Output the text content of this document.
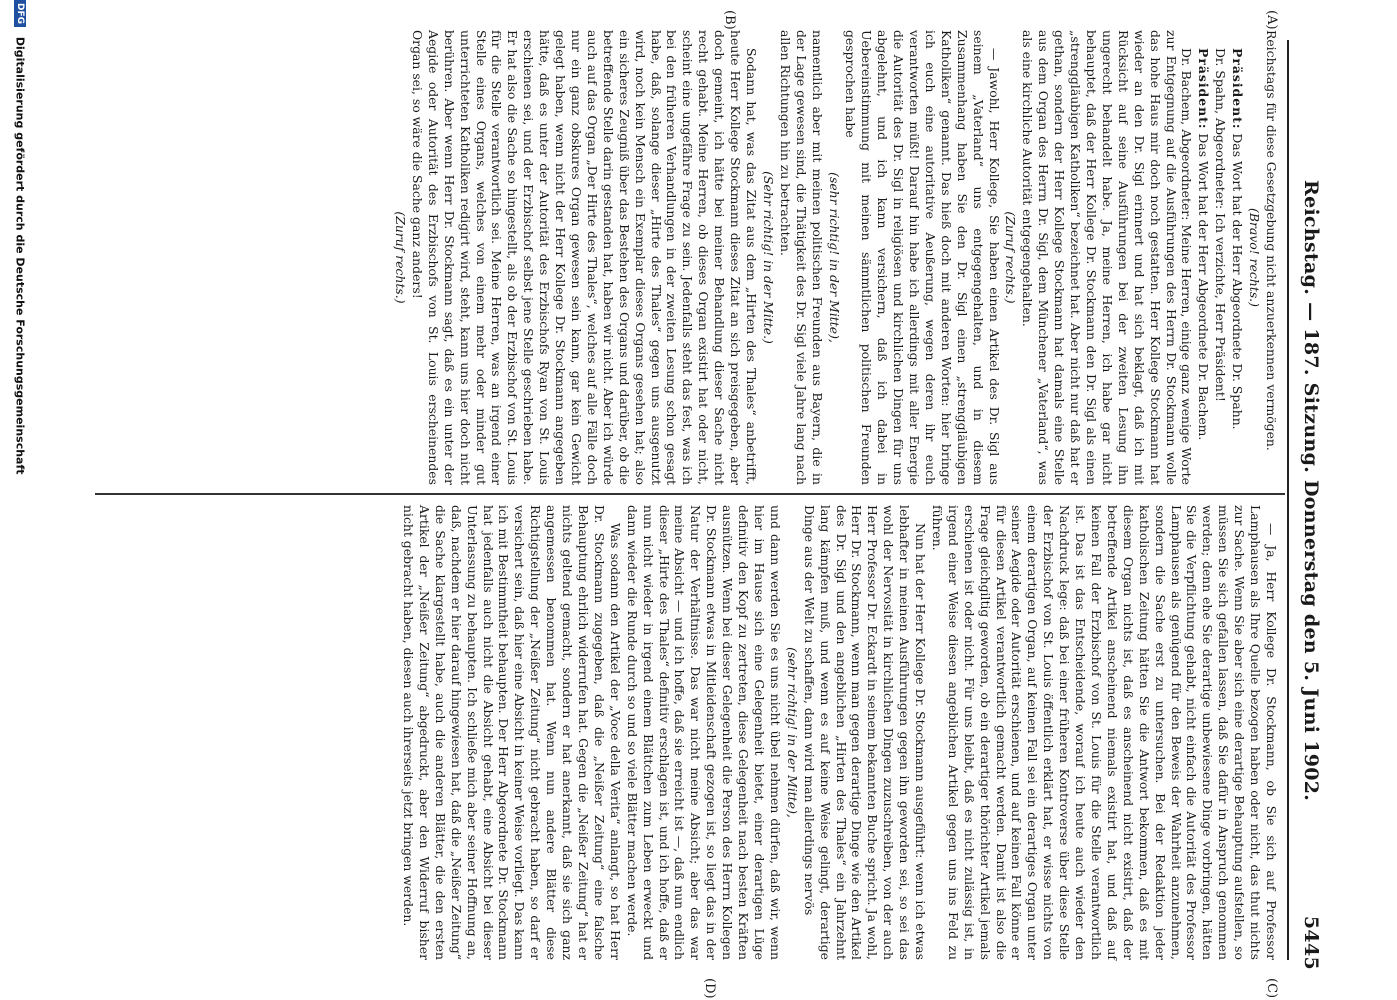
Reichstag. — 187. Sitzung. Donnerstag den 5. Juni 1902.
5445
(A)
(B)
(C)
(D)

Reichstags für diese Gesetzgebung nicht anzuerkennen vermögen.

(Bravo! rechts.)

Präsident: Das Wort hat der Herr Abgeordnete Dr. Spahn.

Dr. Spahn, Abgeordneter: Ich verzichte, Herr Präsident!

Präsident: Das Wort hat der Herr Abgeordnete Dr. Bachem.

Dr. Bachem, Abgeordneter: Meine Herren, einige ganz wenige Worte zur Entgegnung auf die Ausführungen des Herrn Dr. Stockmann wolle das hohe Haus mir doch noch gestatten. Herr Kollege Stockmann hat wieder an den Dr. Sigl erinnert und hat sich beklagt, daß ich mit Rücksicht auf seine Ausführungen bei der zweiten Lesung ihn ungerecht behandelt habe. Ja, meine Herren, ich habe gar nicht behauptet, daß der Herr Kollege Dr. Stockmann den Dr. Sigl als einen „strenggläubigen Katholiken“ bezeichnet hat. Aber nicht nur daß hat er gethan, sondern der Herr Kollege Stockmann hat damals eine Stelle aus dem Organ des Herrn Dr. Sigl, dem Münchener „Vaterland“, was als eine kirchliche Autorität entgegengehalten.

(Zuruf rechts.)

— Jawohl, Herr Kollege, Sie haben einen Artikel des Dr. Sigl aus seinem „Vaterland“ uns entgegengehalten, und in diesem Zusammenhang haben Sie den Dr. Sigl einen „strenggläubigen Katholiken“ genannt. Das hieß doch mit anderen Worten: hier bringe ich euch eine autoritative Aeußerung, wegen deren ihr euch verantworten müßt! Darauf hin habe ich allerdings mit aller Energie die Autorität des Dr. Sigl in religiösen und kirchlichen Dingen für uns abgelehnt, und ich kann versichern, daß ich dabei in Uebereinstimmung mit meinen sämmtlichen politischen Freunden gesprochen habe

(sehr richtig! in der Mitte),

namentlich aber mit meinen politischen Freunden aus Bayern, die in der Lage gewesen sind, die Thätigkeit des Dr. Sigl viele Jahre lang nach allen Richtungen hin zu betrachten.

(Sehr richtig! in der Mitte.)

Sodann hat, was das Zitat aus dem „Hirten des Thales“ anbetrifft, heute Herr Kollege Stockmann dieses Zitat an sich preisgegeben, aber doch gemeint, ich hätte bei meiner Behandlung dieser Sache nicht recht gehabt. Meine Herren, ob dieses Organ existirt hat oder nicht, scheint eine ungefähre Frage zu sein. Jedenfalls steht das fest, was ich bei den früheren Verhandlungen in der zweiten Lesung schon gesagt habe, daß, solange dieser „Hirte des Thales“ gegen uns ausgenutzt wird, noch kein Mensch ein Exemplar dieses Organs gesehen hat; also ein sicheres Zeugniß über das Bestehen des Organs und darüber, ob die betreffende Stelle darin gestanden hat, haben wir nicht. Aber ich würde auch auf das Organ „Der Hirte des Thales“, welches auf alle Fälle doch nur ein ganz obskures Organ gewesen sein kann, gar kein Gewicht gelegt haben, wenn nicht der Herr Kollege Dr. Stockmann angegeben hätte, daß es unter der Autorität des Erzbischofs Ryan von St. Louis erschienen sei, und der Erzbischof selbst jene Stelle geschrieben habe. Er hat also die Sache so hingestellt, als ob der Erzbischof von St. Louis für die Stelle verantwortlich sei. Meine Herren, was an irgend einer Stelle eines Organs, welches von einem mehr oder minder gut unterrichteten Katholiken redigirt wird, steht, kann uns hier doch nicht berühren. Aber wenn Herr Dr. Stockmann sagt, daß es ein unter der Aegide oder Autorität des Erzbischofs von St. Louis erscheinendes Organ sei, so wäre die Sache ganz anders!

(Zuruf rechts.)

— Ja, Herr Kollege Dr. Stockmann, ob Sie sich auf Professor Lamphausen als Ihre Quelle bezogen haben oder nicht, das thut nichts zur Sache. Wenn Sie aber sich eine derartige Behauptung aufstellen, so müssen Sie sich gefallen lassen, daß Sie dafür in Anspruch genommen werden; denn ehe Sie derartige unbewiesene Dinge vorbringen, hätten Sie die Verpflichtung gehabt, nicht einfach die Autorität des Professor Lamphausen als genügend für den Beweis der Wahrheit anzunehmen, sondern die Sache erst zu untersuchen. Bei der Redaktion jeder katholischen Zeitung hätten Sie die Antwort bekommen, daß es mit diesem Organ nichts ist, daß es anscheinend nicht existirt, daß der betreffende Artikel anscheinend niemals existirt hat, und daß auf keinen Fall der Erzbischof von St. Louis für die Stelle verantwortlich ist. Das ist das Entscheidende, worauf ich heute auch wieder den Nachdruck lege: daß bei einer früheren Kontroverse über diese Stelle der Erzbischof von St. Louis öffentlich erklärt hat, er wisse nichts von einem derartigen Organ, auf keinen Fall sei ein derartiges Organ unter seiner Aegide oder Autorität erschienen, und auf keinen Fall könne er für diesen Artikel verantwortlich gemacht werden. Damit ist also die Frage gleichgiltig geworden, ob ein derartiger thörichter Artikel jemals erschienen ist oder nicht. Für uns bleibt, daß es nicht zulässig ist, in irgend einer Weise diesen angeblichen Artikel gegen uns ins Feld zu führen.

Nun hat der Herr Kollege Dr. Stockmann ausgeführt: wenn ich etwas lebhafter in meinen Ausführungen gegen ihn geworden sei, so sei das wohl der Nervosität in kirchlichen Dingen zuzuschreiben, von der auch Herr Professor Dr. Eckardt in seinem bekannten Buche spricht. Ja wohl, Herr Dr. Stockmann, wenn man gegen derartige Dinge wie den Artikel des Dr. Sigl und den angeblichen „Hirten des Thales“ ein Jahrzehnt lang kämpfen muß, und wenn es auf keine Weise gelingt, derartige Dinge aus der Welt zu schaffen, dann wird man allerdings nervös

(sehr richtig! in der Mitte),

und dann werden Sie es uns nicht übel nehmen dürfen, daß wir, wenn hier im Hause sich eine Gelegenheit bietet, einer derartigen Lüge definitiv den Kopf zu zertreten, diese Gelegenheit nach besten Kräften ausnützen. Wenn bei dieser Gelegenheit die Person des Herrn Kollegen Dr. Stockmann etwas in Mitleidenschaft gezogen ist, so liegt das in der Natur der Verhältnisse. Das war nicht meine Absicht; aber das war meine Absicht — und ich hoffe, daß sie erreicht ist —, daß nun endlich dieser „Hirte des Thales“ definitiv erschlagen ist, und ich hoffe, daß er nun nicht wieder in irgend einem Blättchen zum Leben erweckt und dann wieder die Runde durch so und so viele Blätter machen werde.

Was sodann den Artikel der „Voce della Verita“ anlangt, so hat Herr Dr. Stockmann zugegeben, daß die „Neißer Zeitung“ eine falsche Behauptung ehrlich widerrufen hat. Gegen die „Neißer Zeitung“ hat er nichts geltend gemacht, sondern er hat anerkannt, daß sie sich ganz angemessen benommen hat. Wenn nun andere Blätter diese Richtigstellung der „Neißer Zeitung“ nicht gebracht haben, so darf er versichert sein, daß hier eine Absicht in keiner Weise vorliegt. Das kann ich mit Bestimmtheit behaupten. Der Herr Abgeordnete Dr. Stockmann hat jedenfalls auch nicht die Absicht gehabt, eine Absicht bei dieser Unterlassung zu behaupten. Ich schließe mich aber seiner Hoffnung an, daß, nachdem er hier darauf hingewiesen hat, daß die „Neißer Zeitung“ die Sache klargestellt habe, auch die anderen Blätter, die den ersten Artikel der „Neißer Zeitung“ abgedruckt, aber den Widerruf bisher nicht gebracht haben, diesen auch ihrerseits jetzt bringen werden.

DFG Digitalisierung gefördert durch die Deutsche Forschungsgemeinschaft
